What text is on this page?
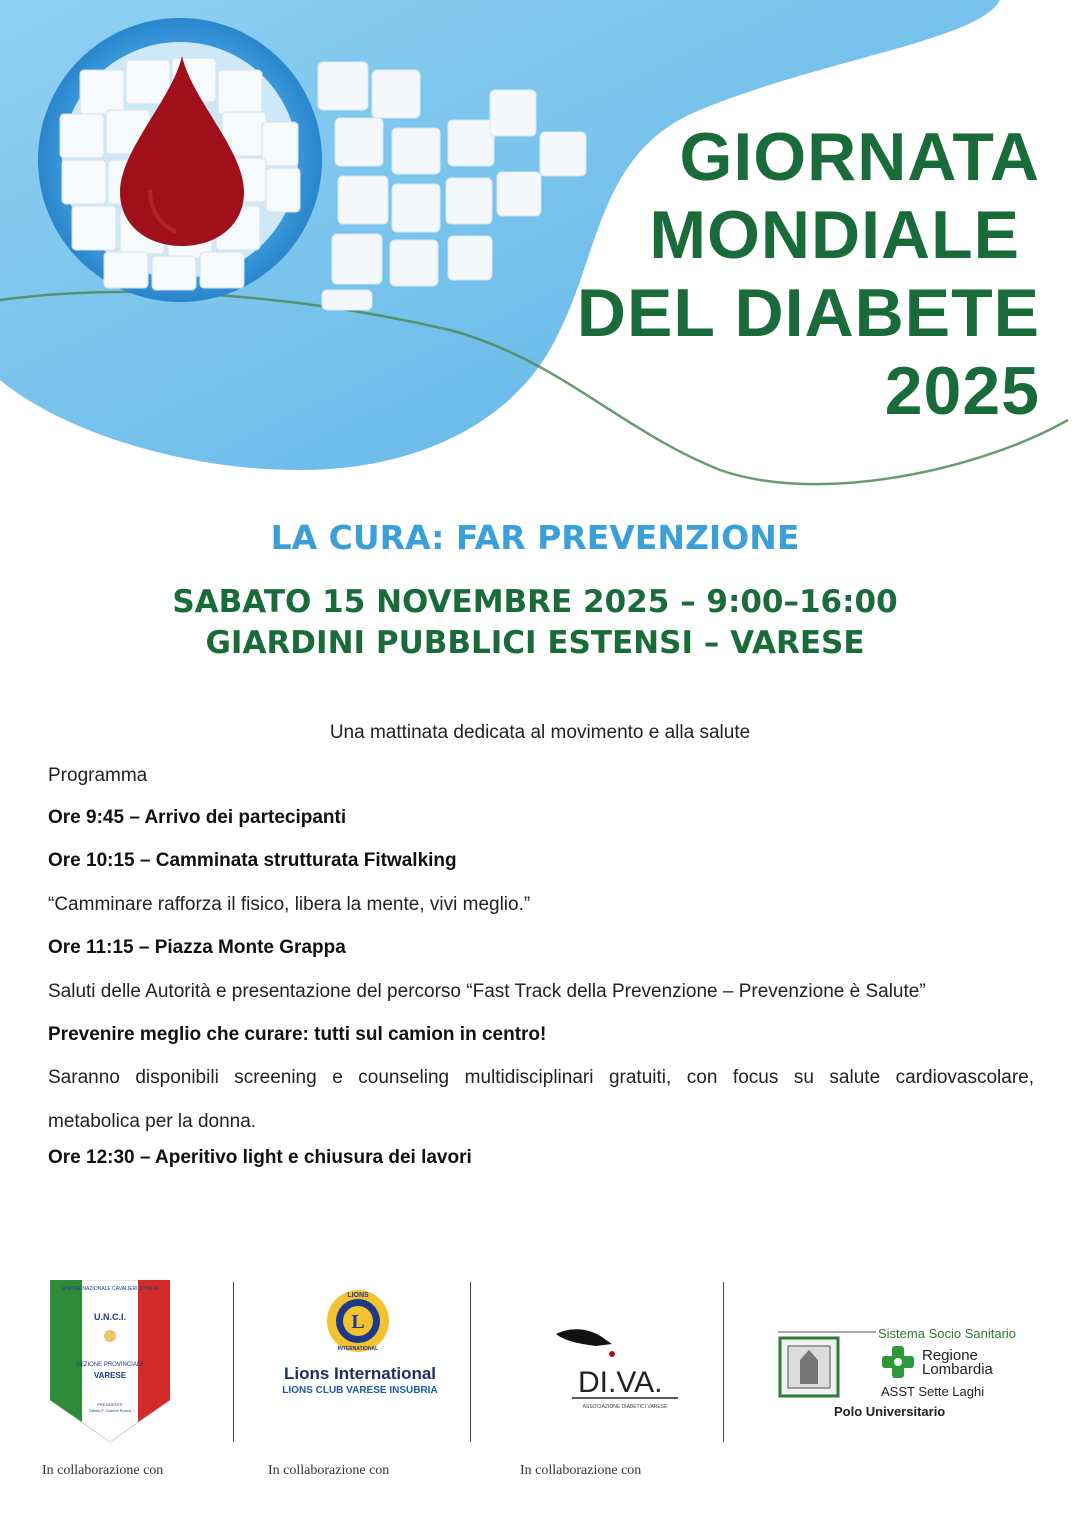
GIORNATA
MONDIALE
DEL DIABETE
2025
LA CURA: FAR PREVENZIONE
SABATO 15 NOVEMBRE 2025 – 9:00–16:00
GIARDINI PUBBLICI ESTENSI – VARESE
Una mattinata dedicata al movimento e alla salute
Programma
Ore 9:45 – Arrivo dei partecipanti
Ore 10:15 – Camminata strutturata Fitwalking
“Camminare rafforza il fisico, libera la mente, vivi meglio.”
Ore 11:15 – Piazza Monte Grappa
Saluti delle Autorità e presentazione del percorso “Fast Track della Prevenzione – Prevenzione è Salute”
Prevenire meglio che curare: tutti sul camion in centro!
Saranno disponibili screening e counseling multidisciplinari gratuiti, con focus su salute cardiovascolare,
metabolica per la donna.
Ore 12:30 – Aperitivo light e chiusura dei lavori
UNIONE NAZIONALE CAVALIERI D'ITALIA
U.N.C.I.
SEZIONE PROVINCIALE
VARESE
PRESIDENTE
Danilo F. Guerini Rocco
L
LIONS
INTERNATIONAL
DI.VA.
ASSOCIAZIONE DIABETICI VARESE
Lions International
LIONS CLUB VARESE INSUBRIA
Sistema Socio Sanitario
Regione
Lombardia
ASST Sette Laghi
Polo Universitario
In collaborazione con	In collaborazione con	In collaborazione con
